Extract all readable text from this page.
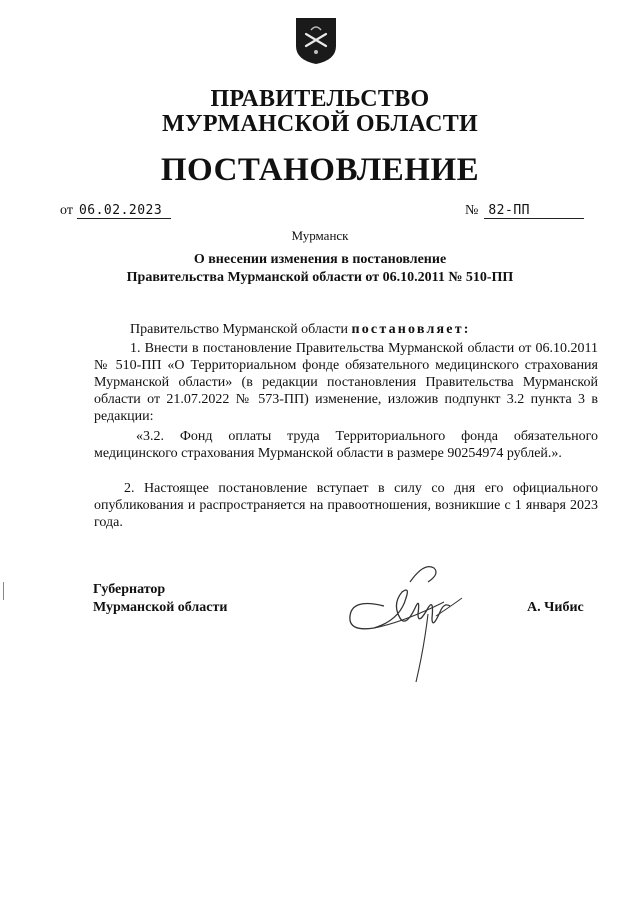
ПРАВИТЕЛЬСТВО
МУРМАНСКОЙ ОБЛАСТИ
ПОСТАНОВЛЕНИЕ
от 06.02.2023	№ 82-ПП
Мурманск
О внесении изменения в постановление
Правительства Мурманской области от 06.10.2011 № 510-ПП
Правительство Мурманской области постановляет:
1. Внести в постановление Правительства Мурманской области от 06.10.2011 № 510-ПП «О Территориальном фонде обязательного медицинского страхования Мурманской области» (в редакции постановления Правительства Мурманской области от 21.07.2022 № 573-ПП) изменение, изложив подпункт 3.2 пункта 3 в редакции:
«3.2. Фонд оплаты труда Территориального фонда обязательного медицинского страхования Мурманской области в размере 90254974 рублей.».
2. Настоящее постановление вступает в силу со дня его официального опубликования и распространяется на правоотношения, возникшие с 1 января 2023 года.
Губернатор
Мурманской области	А. Чибис
